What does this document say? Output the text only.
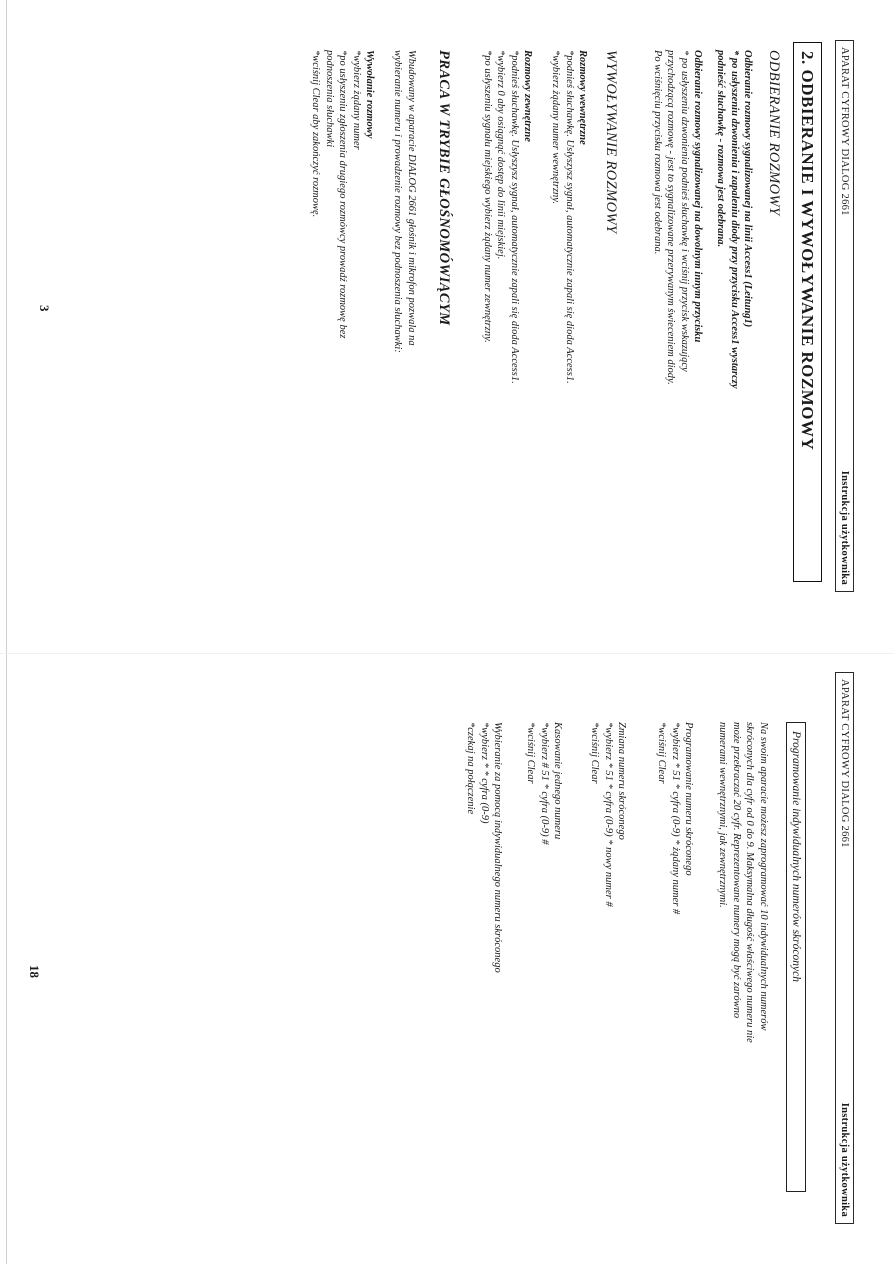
APARAT CYFROWY DIALOG 2661
Instrukcja użytkownika
2. ODBIERANIE I WYWOŁYWANIE ROZMOWY
ODBIERANIE ROZMOWY
Odbieranie rozmowy sygnalizowanej na linii Access1 (Leitung1)
* po usłyszeniu dzwonienia i zapaleniu diody przy przycisku Access1 wystarczy
podnieść słuchawkę - rozmowa jest odebrana.
Odbieranie rozmowy sygnalizowanej na dowolnym innym przycisku
* po usłyszeniu dzwonienia podnieś słuchawkę i wciśnij przycisk wskazujący
przychodzącą rozmowę - jest to sygnalizowane przerywanym świeceniem diody.
Po wciśnięciu przycisku rozmowa jest odebrana.
WYWOŁYWANIE ROZMOWY
Rozmowy wewnętrzne
*podnieś słuchawkę. Usłyszysz sygnał, automatycznie zapali się dioda Access1.
*wybierz żądany numer wewnętrzny.
Rozmowy zewnętrzne
*podnieś słuchawkę. Usłyszysz sygnał, automatycznie zapali się dioda Access1.
*wybierz 0 aby osiągnąć dostęp do linii miejskiej.
*po usłyszeniu sygnału miejskiego wybierz żądany numer zewnętrzny.
PRACA W TRYBIE GŁOŚNOMÓWIĄCYM
Wbudowany w aparacie DIALOG 2661 głośnik i mikrofon pozwala na
wybieranie numeru i prowadzenie rozmowy bez podnoszenia słuchawki:
Wywołanie rozmowy
*wybierz żądany numer
*po usłyszeniu zgłoszenia drugiego rozmówcy prowadź rozmowę bez
podnoszenia słuchawki
*wciśnij Clear aby zakończyć rozmowę.
3
APARAT CYFROWY DIALOG 2661
Instrukcja użytkownika
Programowanie indywidualnych numerów skróconych
Na swoim aparacie możesz zaprogramować 10 indywidualnych numerów
skróconych dla cyfr od 0 do 9. Maksymalna długość właściwego numeru nie
może przekraczać 20 cyfr. Reprezentowane numery mogą być zarówno
numerami wewnętrznymi, jak zewnętrznymi.
Programowanie numeru skróconego
*wybierz * 51 * cyfra (0-9) * żądany numer #
*wciśnij Clear
Zmiana numeru skróconego
*wybierz * 51 * cyfra (0-9) * nowy numer #
*wciśnij Clear
Kasowanie jednego numeru
*wybierz # 51 * cyfra (0-9) #
*wciśnij Clear
Wybieranie za pomocą indywidualnego numeru skróconego
*wybierz * * cyfra (0-9)
*czekaj na połączenie
18
